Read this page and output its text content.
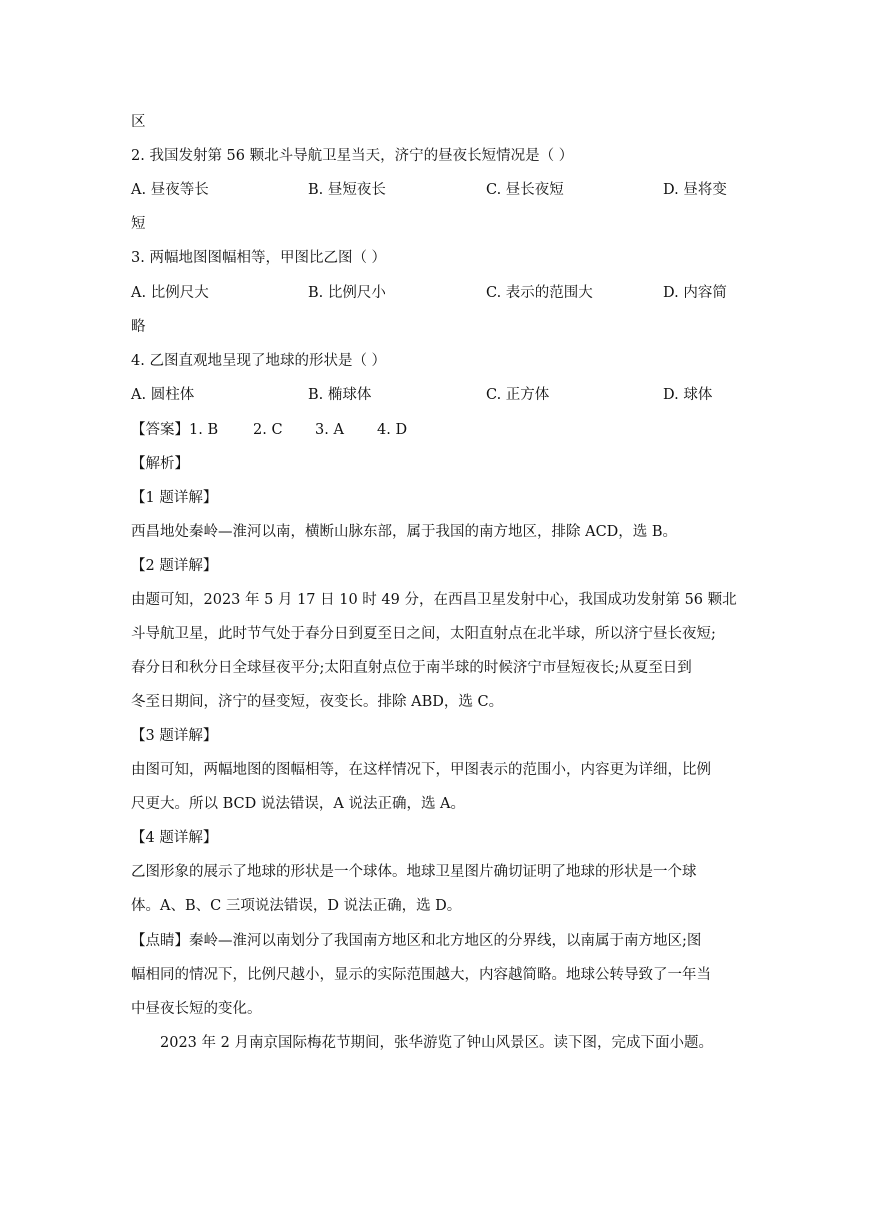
区
2. 我国发射第 56 颗北斗导航卫星当天，济宁的昼夜长短情况是（ ）
A. 昼夜等长	B. 昼短夜长	C. 昼长夜短	D. 昼将变
短
3. 两幅地图图幅相等，甲图比乙图（ ）
A. 比例尺大	B. 比例尺小	C. 表示的范围大	D. 内容简
略
4. 乙图直观地呈现了地球的形状是（ ）
A. 圆柱体	B. 椭球体	C. 正方体	D. 球体
【答案】1. B 2. C 3. A 4. D
【解析】
【1 题详解】
西昌地处秦岭—淮河以南，横断山脉东部，属于我国的南方地区，排除 ACD，选 B。
【2 题详解】
由题可知，2023 年 5 月 17 日 10 时 49 分，在西昌卫星发射中心，我国成功发射第 56 颗北
斗导航卫星，此时节气处于春分日到夏至日之间，太阳直射点在北半球，所以济宁昼长夜短;
春分日和秋分日全球昼夜平分;太阳直射点位于南半球的时候济宁市昼短夜长;从夏至日到
冬至日期间，济宁的昼变短，夜变长。排除 ABD，选 C。
【3 题详解】
由图可知，两幅地图的图幅相等，在这样情况下，甲图表示的范围小，内容更为详细，比例
尺更大。所以 BCD 说法错误，A 说法正确，选 A。
【4 题详解】
乙图形象的展示了地球的形状是一个球体。地球卫星图片确切证明了地球的形状是一个球
体。A、B、C 三项说法错误，D 说法正确，选 D。
【点睛】秦岭—淮河以南划分了我国南方地区和北方地区的分界线，以南属于南方地区;图
幅相同的情况下，比例尺越小，显示的实际范围越大，内容越简略。地球公转导致了一年当
中昼夜长短的变化。
2023 年 2 月南京国际梅花节期间，张华游览了钟山风景区。读下图，完成下面小题。
